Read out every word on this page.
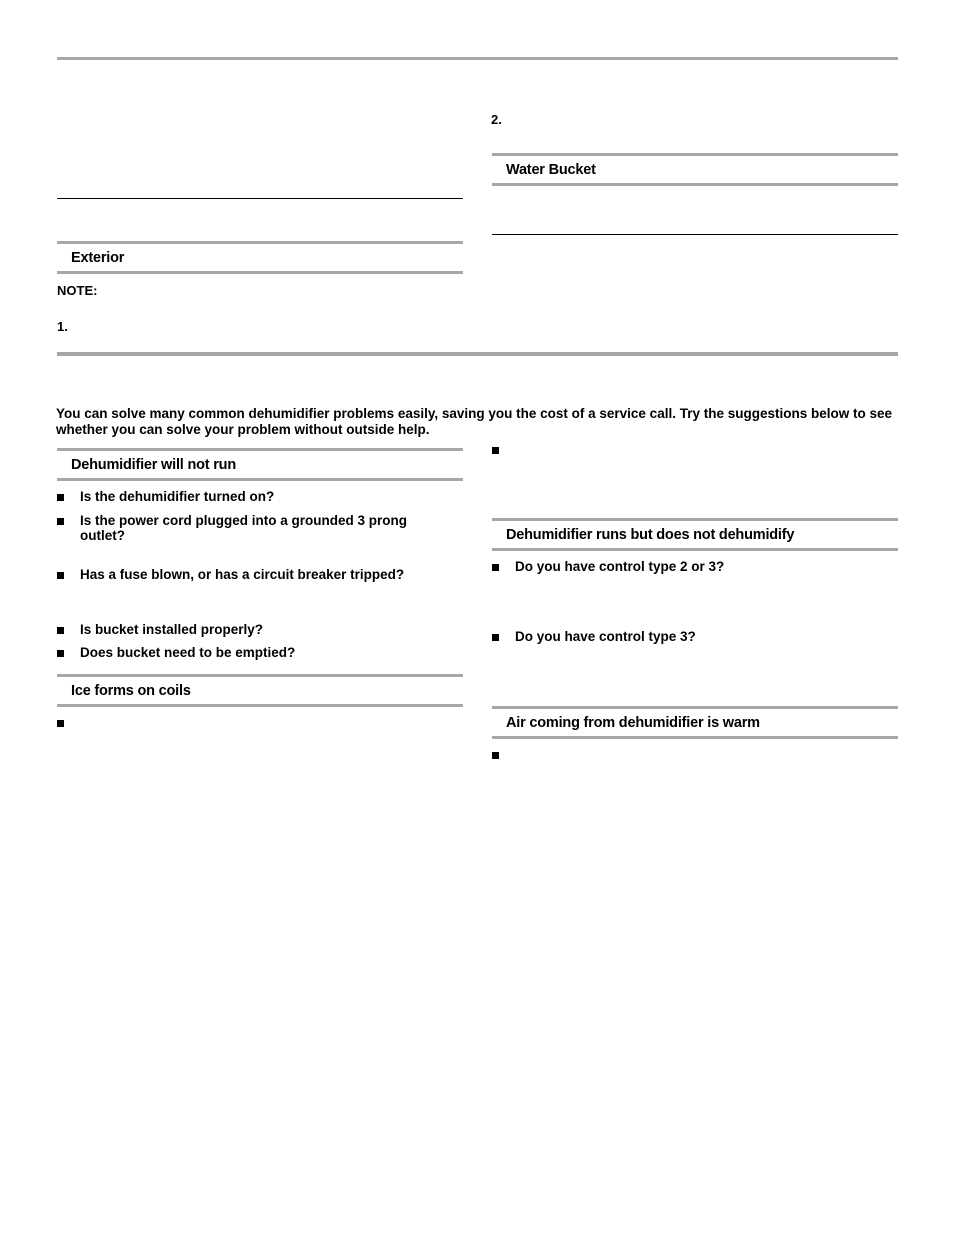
2.
Water Bucket
Exterior
NOTE:
1.
You can solve many common dehumidifier problems easily, saving you the cost of a service call. Try the suggestions below to see whether you can solve your problem without outside help.
Dehumidifier will not run
Is the dehumidifier turned on?
Is the power cord plugged into a grounded 3 prong outlet?
Has a fuse blown, or has a circuit breaker tripped?
Is bucket installed properly?
Does bucket need to be emptied?
Ice forms on coils
Dehumidifier runs but does not dehumidify
Do you have control type 2 or 3?
Do you have control type 3?
Air coming from dehumidifier is warm
